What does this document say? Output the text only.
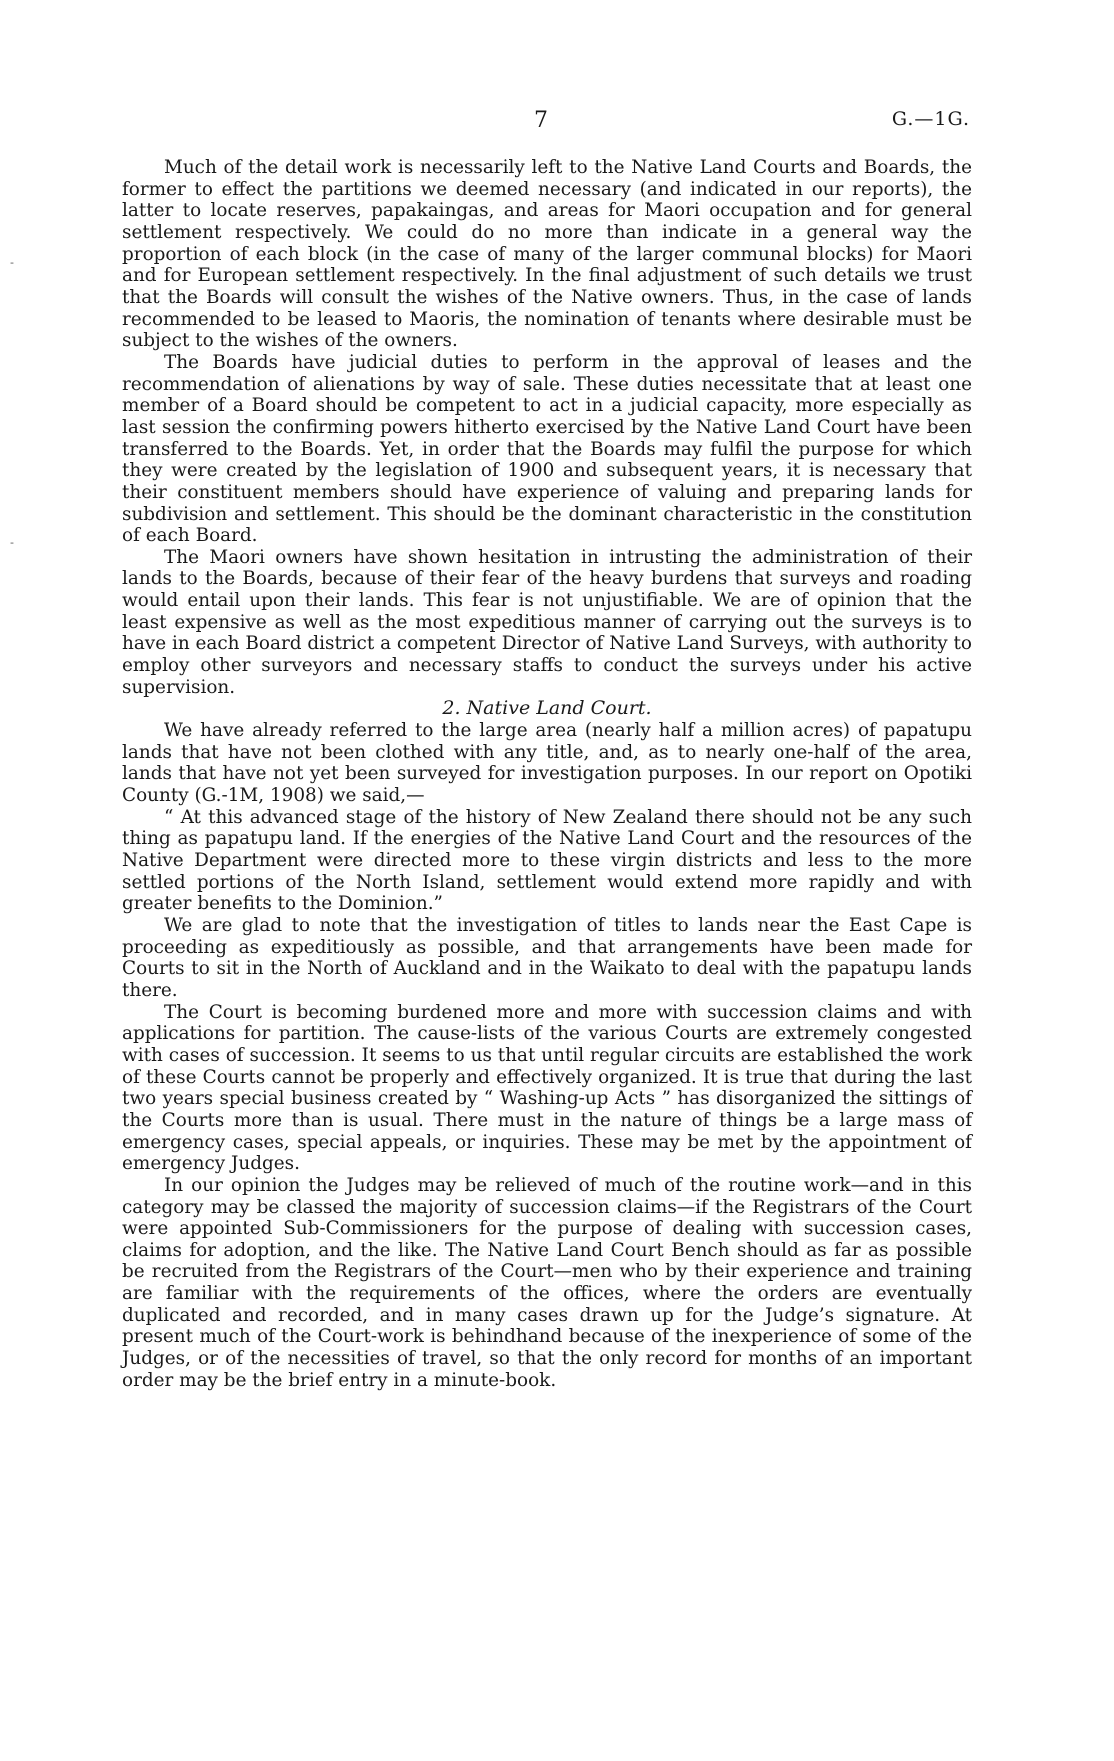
7	G.—1G.
-
-

Much of the detail work is necessarily left to the Native Land Courts and Boards, the former to effect the partitions we deemed necessary (and indicated in our reports), the latter to locate reserves, papakaingas, and areas for Maori occupation and for general settlement respectively. We could do no more than indicate in a general way the proportion of each block (in the case of many of the larger communal blocks) for Maori and for European settlement respectively. In the final adjustment of such details we trust that the Boards will consult the wishes of the Native owners. Thus, in the case of lands recommended to be leased to Maoris, the nomination of tenants where desirable must be subject to the wishes of the owners.

The Boards have judicial duties to perform in the approval of leases and the recommendation of alienations by way of sale. These duties necessitate that at least one member of a Board should be competent to act in a judicial capacity, more especially as last session the confirming powers hitherto exercised by the Native Land Court have been transferred to the Boards. Yet, in order that the Boards may fulfil the purpose for which they were created by the legislation of 1900 and subsequent years, it is necessary that their constituent members should have experience of valuing and preparing lands for subdivision and settlement. This should be the dominant characteristic in the constitution of each Board.

The Maori owners have shown hesitation in intrusting the administration of their lands to the Boards, because of their fear of the heavy burdens that surveys and roading would entail upon their lands. This fear is not unjustifiable. We are of opinion that the least expensive as well as the most expeditious manner of carrying out the surveys is to have in each Board district a competent Director of Native Land Surveys, with authority to employ other surveyors and necessary staffs to conduct the surveys under his active supervision.

2. Native Land Court.

We have already referred to the large area (nearly half a million acres) of papatupu lands that have not been clothed with any title, and, as to nearly one-half of the area, lands that have not yet been surveyed for investigation purposes. In our report on Opotiki County (G.-1M, 1908) we said,—

“ At this advanced stage of the history of New Zealand there should not be any such thing as papatupu land. If the energies of the Native Land Court and the resources of the Native Department were directed more to these virgin districts and less to the more settled portions of the North Island, settlement would extend more rapidly and with greater benefits to the Dominion.”

We are glad to note that the investigation of titles to lands near the East Cape is proceeding as expeditiously as possible, and that arrangements have been made for Courts to sit in the North of Auckland and in the Waikato to deal with the papatupu lands there.

The Court is becoming burdened more and more with succession claims and with applications for partition. The cause-lists of the various Courts are extremely congested with cases of succession. It seems to us that until regular circuits are established the work of these Courts cannot be properly and effectively organized. It is true that during the last two years special business created by “ Washing-up Acts ” has disorganized the sittings of the Courts more than is usual. There must in the nature of things be a large mass of emergency cases, special appeals, or inquiries. These may be met by the appointment of emergency Judges.

In our opinion the Judges may be relieved of much of the routine work—and in this category may be classed the majority of succession claims—if the Registrars of the Court were appointed Sub-Commissioners for the purpose of dealing with succession cases, claims for adoption, and the like. The Native Land Court Bench should as far as possible be recruited from the Registrars of the Court—men who by their experience and training are familiar with the requirements of the offices, where the orders are eventually duplicated and recorded, and in many cases drawn up for the Judge’s signature. At present much of the Court-work is behindhand because of the inexperience of some of the Judges, or of the necessities of travel, so that the only record for months of an important order may be the brief entry in a minute-book.
